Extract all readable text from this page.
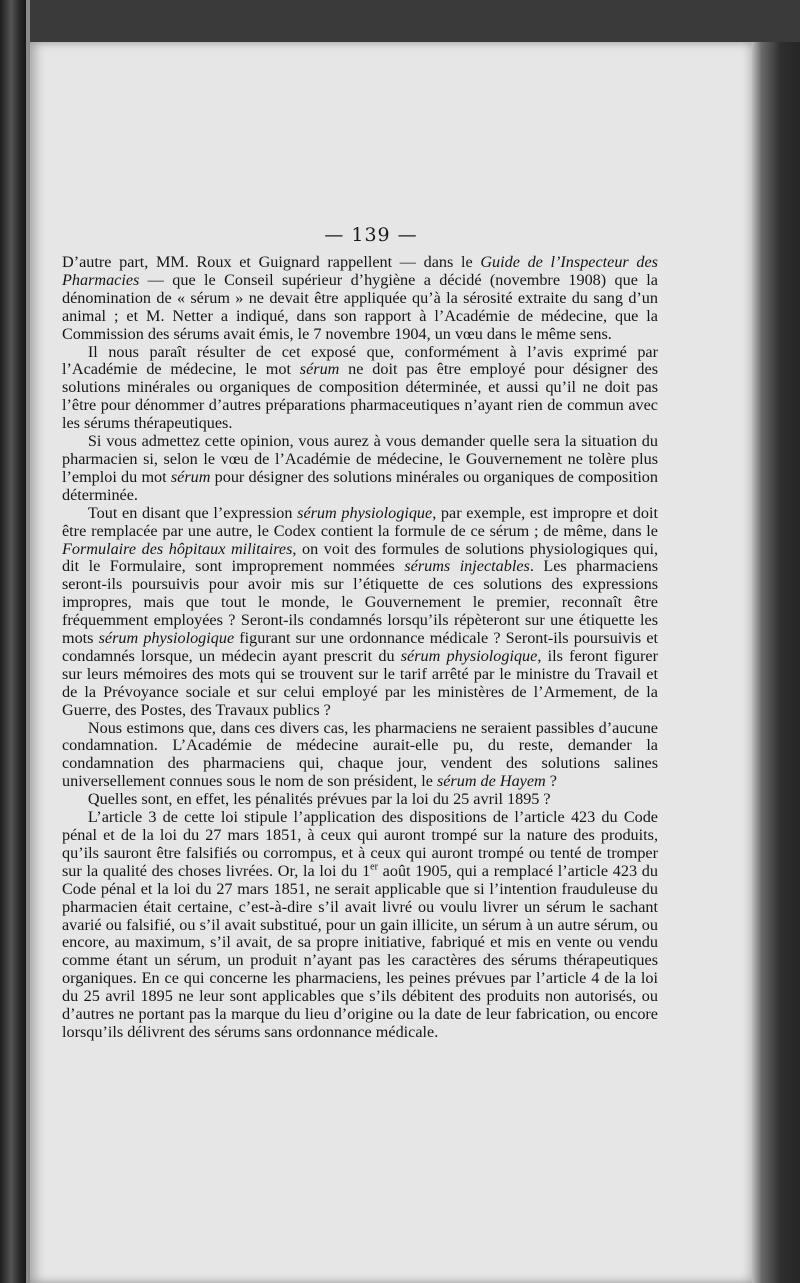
— 139 —

D’autre part, MM. Roux et Guignard rappellent — dans le Guide de l’Inspecteur des Pharmacies — que le Conseil supérieur d’hygiène a décidé (novembre 1908) que la dénomination de « sérum » ne devait être appliquée qu’à la sérosité extraite du sang d’un animal ; et M. Netter a indiqué, dans son rapport à l’Académie de médecine, que la Commission des sérums avait émis, le 7 novembre 1904, un vœu dans le même sens.

Il nous paraît résulter de cet exposé que, conformément à l’avis exprimé par l’Académie de médecine, le mot sérum ne doit pas être employé pour désigner des solutions minérales ou organiques de composition déterminée, et aussi qu’il ne doit pas l’être pour dénommer d’autres préparations pharmaceutiques n’ayant rien de commun avec les sérums thérapeutiques.

Si vous admettez cette opinion, vous aurez à vous demander quelle sera la situation du pharmacien si, selon le vœu de l’Académie de médecine, le Gouvernement ne tolère plus l’emploi du mot sérum pour désigner des solutions minérales ou organiques de composition déterminée.

Tout en disant que l’expression sérum physiologique, par exemple, est impropre et doit être remplacée par une autre, le Codex contient la formule de ce sérum ; de même, dans le Formulaire des hôpitaux militaires, on voit des formules de solutions physiologiques qui, dit le Formulaire, sont improprement nommées sérums injectables. Les pharmaciens seront-ils poursuivis pour avoir mis sur l’étiquette de ces solutions des expressions impropres, mais que tout le monde, le Gouvernement le premier, reconnaît être fréquemment employées ? Seront-ils condamnés lorsqu’ils répèteront sur une étiquette les mots sérum physiologique figurant sur une ordonnance médicale ? Seront-ils poursuivis et condamnés lorsque, un médecin ayant prescrit du sérum physiologique, ils feront figurer sur leurs mémoires des mots qui se trouvent sur le tarif arrêté par le ministre du Travail et de la Prévoyance sociale et sur celui employé par les ministères de l’Armement, de la Guerre, des Postes, des Travaux publics ?

Nous estimons que, dans ces divers cas, les pharmaciens ne seraient passibles d’aucune condamnation. L’Académie de médecine aurait-elle pu, du reste, demander la condamnation des pharmaciens qui, chaque jour, vendent des solutions salines universellement connues sous le nom de son président, le sérum de Hayem ?

Quelles sont, en effet, les pénalités prévues par la loi du 25 avril 1895 ?

L’article 3 de cette loi stipule l’application des dispositions de l’article 423 du Code pénal et de la loi du 27 mars 1851, à ceux qui auront trompé sur la nature des produits, qu’ils sauront être falsifiés ou corrompus, et à ceux qui auront trompé ou tenté de tromper sur la qualité des choses livrées. Or, la loi du 1er août 1905, qui a remplacé l’article 423 du Code pénal et la loi du 27 mars 1851, ne serait applicable que si l’intention frauduleuse du pharmacien était certaine, c’est-à-dire s’il avait livré ou voulu livrer un sérum le sachant avarié ou falsifié, ou s’il avait substitué, pour un gain illicite, un sérum à un autre sérum, ou encore, au maximum, s’il avait, de sa propre initiative, fabriqué et mis en vente ou vendu comme étant un sérum, un produit n’ayant pas les caractères des sérums thérapeutiques organiques. En ce qui concerne les pharmaciens, les peines prévues par l’article 4 de la loi du 25 avril 1895 ne leur sont applicables que s’ils débitent des produits non autorisés, ou d’autres ne portant pas la marque du lieu d’origine ou la date de leur fabrication, ou encore lorsqu’ils délivrent des sérums sans ordonnance médicale.
